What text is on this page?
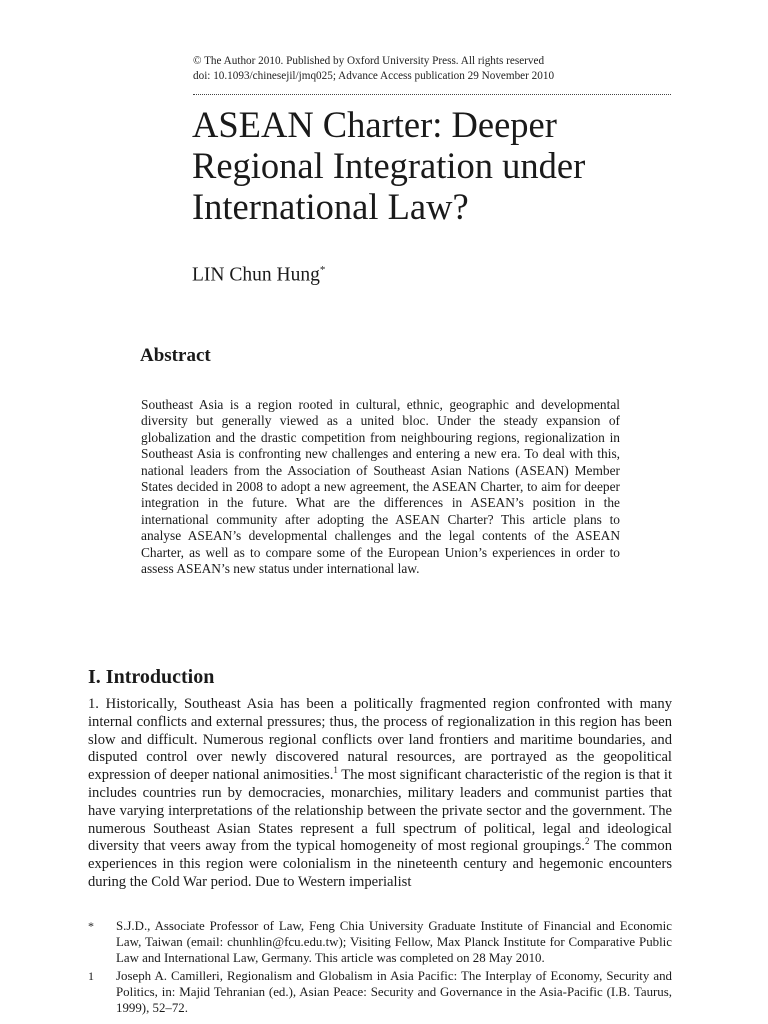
© The Author 2010. Published by Oxford University Press. All rights reserved
doi: 10.1093/chinesejil/jmq025; Advance Access publication 29 November 2010
ASEAN Charter: Deeper Regional Integration under International Law?
LIN Chun Hung*
Abstract

Southeast Asia is a region rooted in cultural, ethnic, geographic and developmental diversity but generally viewed as a united bloc. Under the steady expansion of globalization and the drastic competition from neighbouring regions, regionalization in Southeast Asia is confronting new challenges and entering a new era. To deal with this, national leaders from the Association of Southeast Asian Nations (ASEAN) Member States decided in 2008 to adopt a new agreement, the ASEAN Charter, to aim for deeper integration in the future. What are the differences in ASEAN’s position in the international community after adopting the ASEAN Charter? This article plans to analyse ASEAN’s developmental challenges and the legal contents of the ASEAN Charter, as well as to compare some of the European Union’s experiences in order to assess ASEAN’s new status under international law.

I. Introduction

1. Historically, Southeast Asia has been a politically fragmented region confronted with many internal conflicts and external pressures; thus, the process of regionalization in this region has been slow and difficult. Numerous regional conflicts over land frontiers and maritime boundaries, and disputed control over newly discovered natural resources, are portrayed as the geopolitical expression of deeper national animosities.$^1$ The most significant characteristic of the region is that it includes countries run by democracies, monarchies, military leaders and communist parties that have varying interpretations of the relationship between the private sector and the government. The numerous Southeast Asian States represent a full spectrum of political, legal and ideological diversity that veers away from the typical homogeneity of most regional groupings.$^2$ The common experiences in this region were colonialism in the nineteenth century and hegemonic encounters during the Cold War period. Due to Western imperialist

*	S.J.D., Associate Professor of Law, Feng Chia University Graduate Institute of Financial and Economic Law, Taiwan (email: chunhlin@fcu.edu.tw); Visiting Fellow, Max Planck Institute for Comparative Public Law and International Law, Germany. This article was completed on 28 May 2010.
1	Joseph A. Camilleri, Regionalism and Globalism in Asia Pacific: The Interplay of Economy, Security and Politics, in: Majid Tehranian (ed.), Asian Peace: Security and Governance in the Asia-Pacific (I.B. Taurus, 1999), 52–72.
